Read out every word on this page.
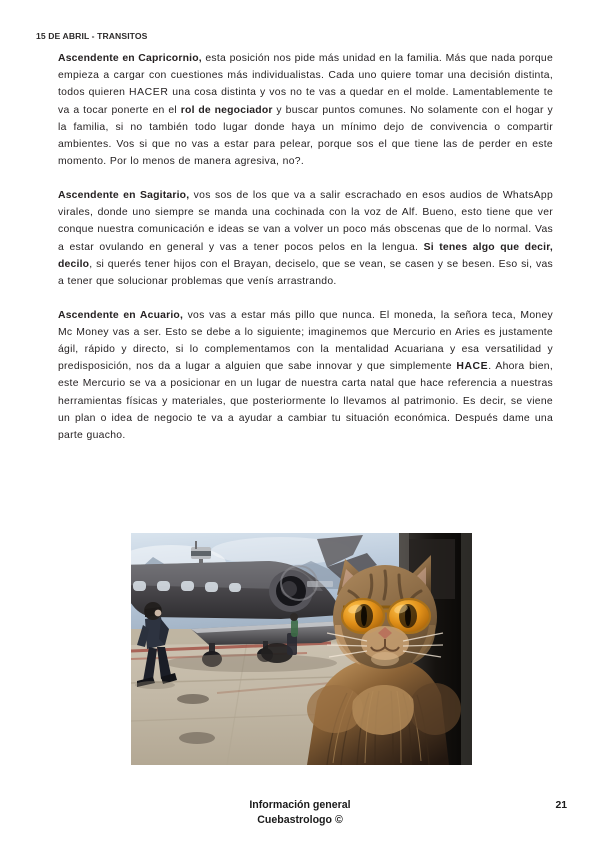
15 DE ABRIL - TRANSITOS

Ascendente en Capricornio, esta posición nos pide más unidad en la familia. Más que nada porque empieza a cargar con cuestiones más individualistas. Cada uno quiere tomar una decisión distinta, todos quieren HACER una cosa distinta y vos no te vas a quedar en el molde. Lamentablemente te va a tocar ponerte en el rol de negociador y buscar puntos comunes. No solamente con el hogar y la familia, si no también todo lugar donde haya un mínimo dejo de convivencia o compartir ambientes. Vos si que no vas a estar para pelear, porque sos el que tiene las de perder en este momento. Por lo menos de manera agresiva, no?.

Ascendente en Sagitario, vos sos de los que va a salir escrachado en esos audios de WhatsApp virales, donde uno siempre se manda una cochinada con la voz de Alf. Bueno, esto tiene que ver conque nuestra comunicación e ideas se van a volver un poco más obscenas que de lo normal. Vas a estar ovulando en general y vas a tener pocos pelos en la lengua. Si tenes algo que decir, decilo, si querés tener hijos con el Brayan, deciselo, que se vean, se casen y se besen. Eso si, vas a tener que solucionar problemas que venís arrastrando.

Ascendente en Acuario, vos vas a estar más pillo que nunca. El moneda, la señora teca, Money Mc Money vas a ser. Esto se debe a lo siguiente; imaginemos que Mercurio en Aries es justamente ágil, rápido y directo, si lo complementamos con la mentalidad Acuariana y esa versatilidad y predisposición, nos da a lugar a alguien que sabe innovar y que simplemente HACE. Ahora bien, este Mercurio se va a posicionar en un lugar de nuestra carta natal que hace referencia a nuestras herramientas físicas y materiales, que posteriormente lo llevamos al patrimonio. Es decir, se viene un plan o idea de negocio te va a ayudar a cambiar tu situación económica. Después dame una parte guacho.

Información general
Cuebastrologo ©
21
